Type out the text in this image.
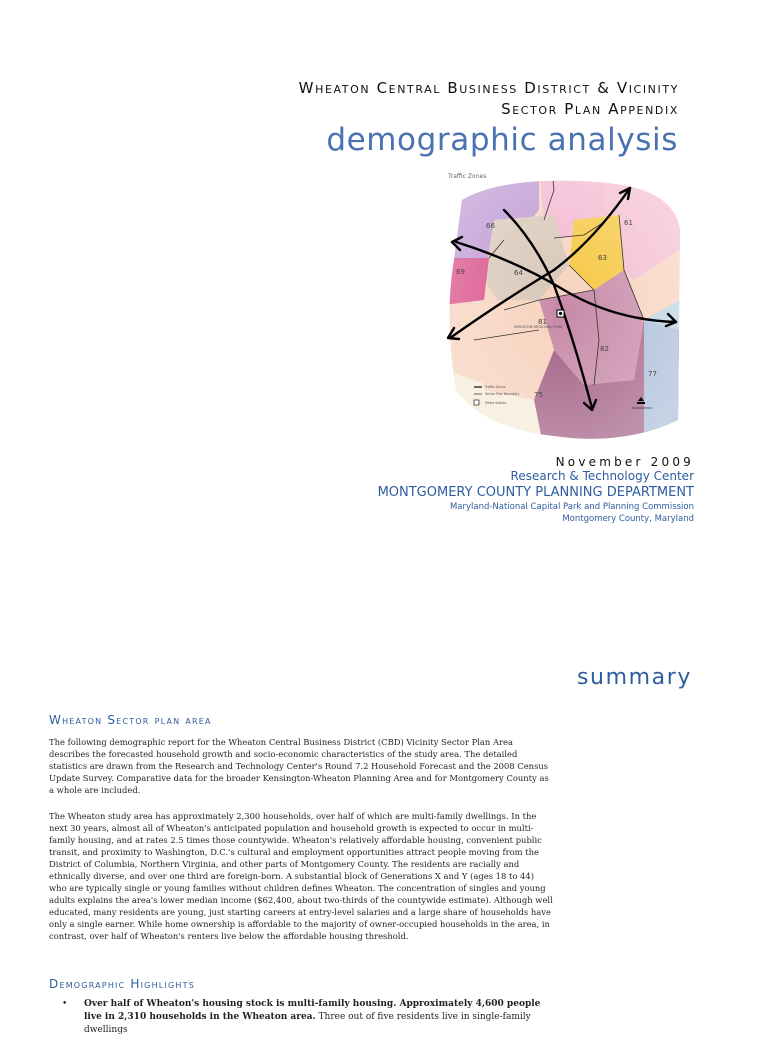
Wheaton Central Business District & Vicinity
Sector Plan Appendix
demographic analysis
Traffic Zones
66	61
69	64
63
81
82
77
75
WHEATON REGIONAL PARK
Traffic Zones
Sector Plan Boundary
Metro Station
November 2009
Research & Technology Center
MONTGOMERY COUNTY PLANNING DEPARTMENT
Maryland-National Capital Park and Planning Commission
Montgomery County, Maryland
summary
Wheaton Sector plan area

The following demographic report for the Wheaton Central Business District (CBD) Vicinity Sector Plan Area describes the forecasted household growth and socio-economic characteristics of the study area. The detailed statistics are drawn from the Research and Technology Center's Round 7.2 Household Forecast and the 2008 Census Update Survey. Comparative data for the broader Kensington-Wheaton Planning Area and for Montgomery County as a whole are included.

The Wheaton study area has approximately 2,300 households, over half of which are multi-family dwellings. In the next 30 years, almost all of Wheaton's anticipated population and household growth is expected to occur in multi-family housing, and at rates 2.5 times those countywide. Wheaton's relatively affordable housing, convenient public transit, and proximity to Washington, D.C.'s cultural and employment opportunities attract people moving from the District of Columbia, Northern Virginia, and other parts of Montgomery County. The residents are racially and ethnically diverse, and over one third are foreign-born. A substantial block of Generations X and Y (ages 18 to 44) who are typically single or young families without children defines Wheaton. The concentration of singles and young adults explains the area's lower median income ($62,400, about two-thirds of the countywide estimate). Although well educated, many residents are young, just starting careers at entry-level salaries and a large share of households have only a single earner. While home ownership is affordable to the majority of owner-occupied households in the area, in contrast, over half of Wheaton's renters live below the affordable housing threshold.

Demographic Highlights
• Over half of Wheaton's housing stock is multi-family housing. Approximately 4,600 people live in 2,310 households in the Wheaton area. Three out of five residents live in single-family dwellings
